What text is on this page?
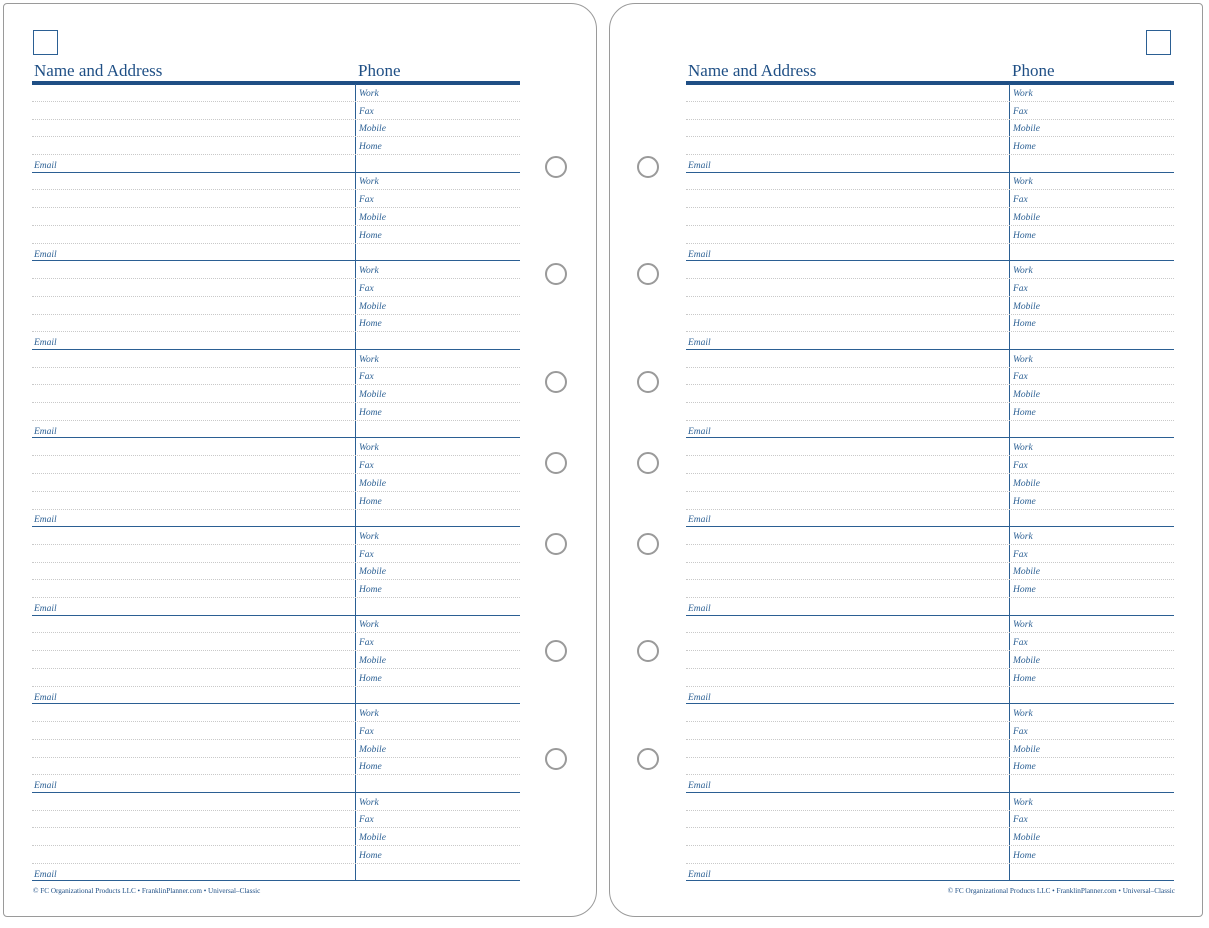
Name and Address	Phone
Work
Fax
Mobile
Home
Email
Work
Fax
Mobile
Home
Email
Work
Fax
Mobile
Home
Email
Work
Fax
Mobile
Home
Email
Work
Fax
Mobile
Home
Email
Work
Fax
Mobile
Home
Email
Work
Fax
Mobile
Home
Email
Work
Fax
Mobile
Home
Email
Work
Fax
Mobile
Home
Email
© FC Organizational Products LLC • FranklinPlanner.com • Universal–Classic
Name and Address	Phone
Work
Fax
Mobile
Home
Email
Work
Fax
Mobile
Home
Email
Work
Fax
Mobile
Home
Email
Work
Fax
Mobile
Home
Email
Work
Fax
Mobile
Home
Email
Work
Fax
Mobile
Home
Email
Work
Fax
Mobile
Home
Email
Work
Fax
Mobile
Home
Email
Work
Fax
Mobile
Home
Email
© FC Organizational Products LLC • FranklinPlanner.com • Universal–Classic
